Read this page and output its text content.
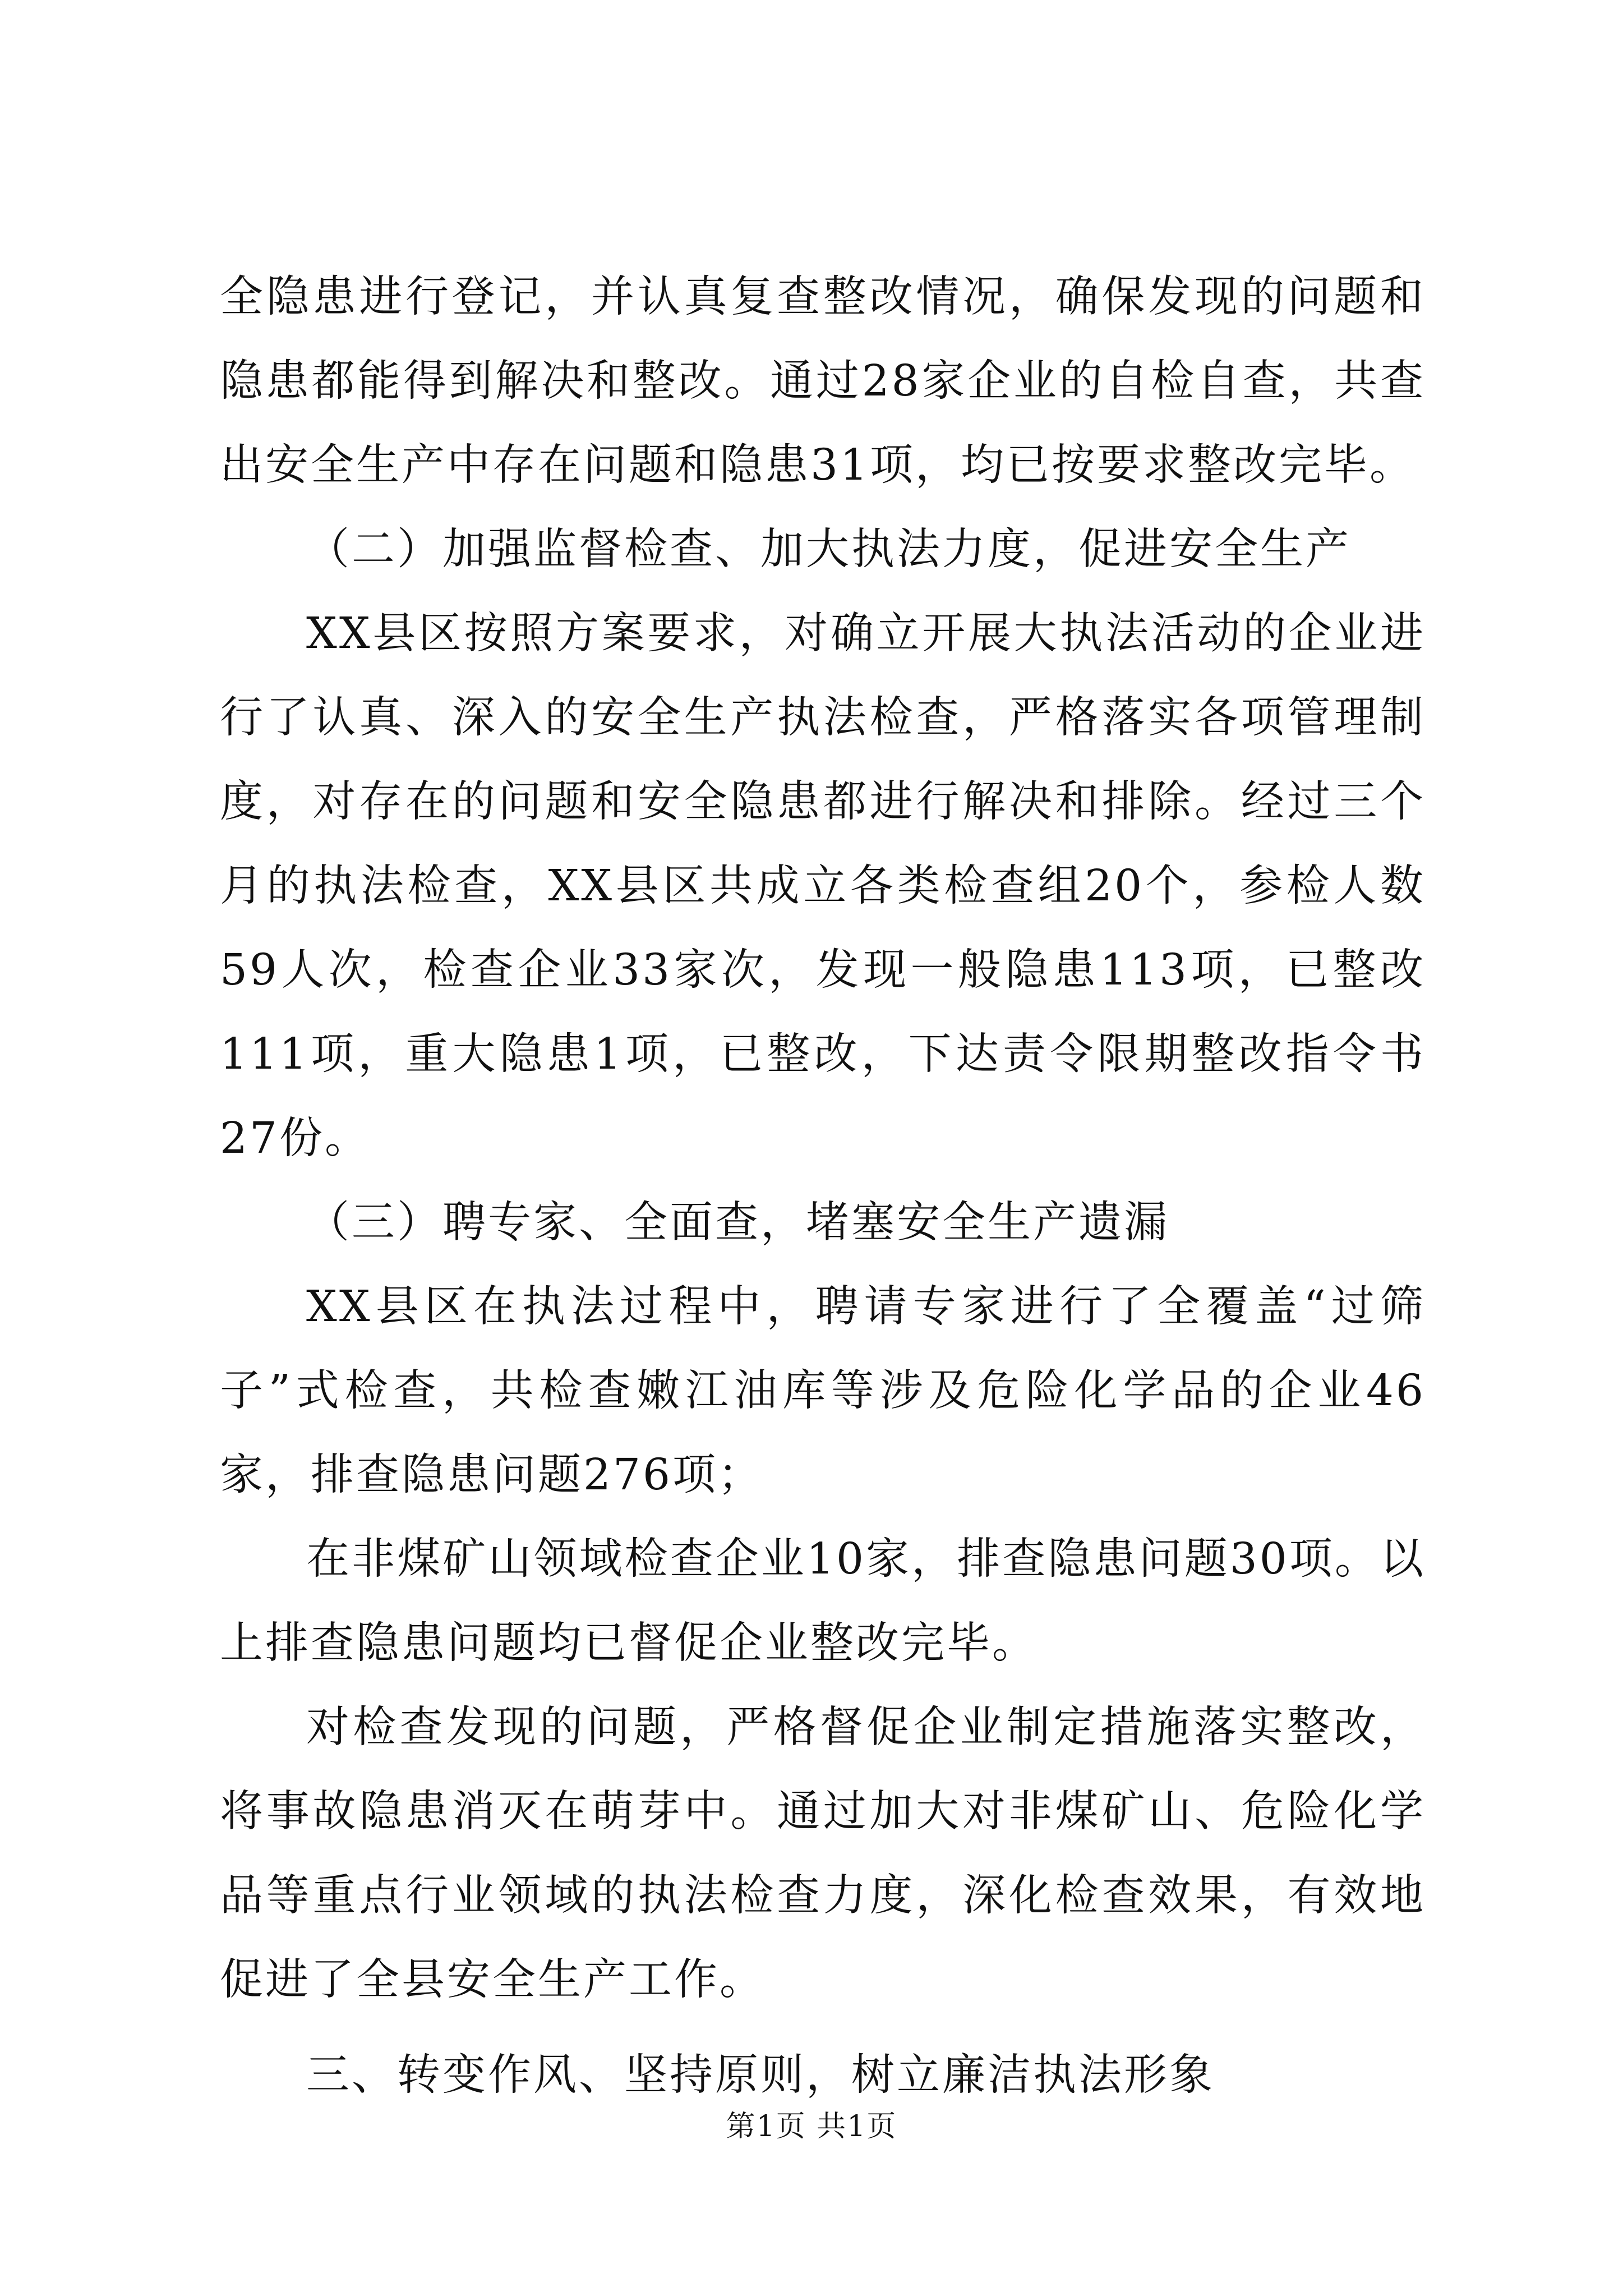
全隐患进行登记，并认真复查整改情况，确保发现的问题和隐患都能得到解决和整改。通过28家企业的自检自查，共查出安全生产中存在问题和隐患31项，均已按要求整改完毕。

（二）加强监督检查、加大执法力度，促进安全生产

XX县区按照方案要求，对确立开展大执法活动的企业进行了认真、深入的安全生产执法检查，严格落实各项管理制度，对存在的问题和安全隐患都进行解决和排除。经过三个月的执法检查，XX县区共成立各类检查组20个，参检人数59人次，检查企业33家次，发现一般隐患113项，已整改111项，重大隐患1项，已整改，下达责令限期整改指令书27份。

（三）聘专家、全面查，堵塞安全生产遗漏

XX县区在执法过程中，聘请专家进行了全覆盖“过筛子”式检查，共检查嫩江油库等涉及危险化学品的企业46家，排查隐患问题276项；

在非煤矿山领域检查企业10家，排查隐患问题30项。以上排查隐患问题均已督促企业整改完毕。

对检查发现的问题，严格督促企业制定措施落实整改，将事故隐患消灭在萌芽中。通过加大对非煤矿山、危险化学品等重点行业领域的执法检查力度，深化检查效果，有效地促进了全县安全生产工作。

三、转变作风、坚持原则，树立廉洁执法形象

第1页 共1页
